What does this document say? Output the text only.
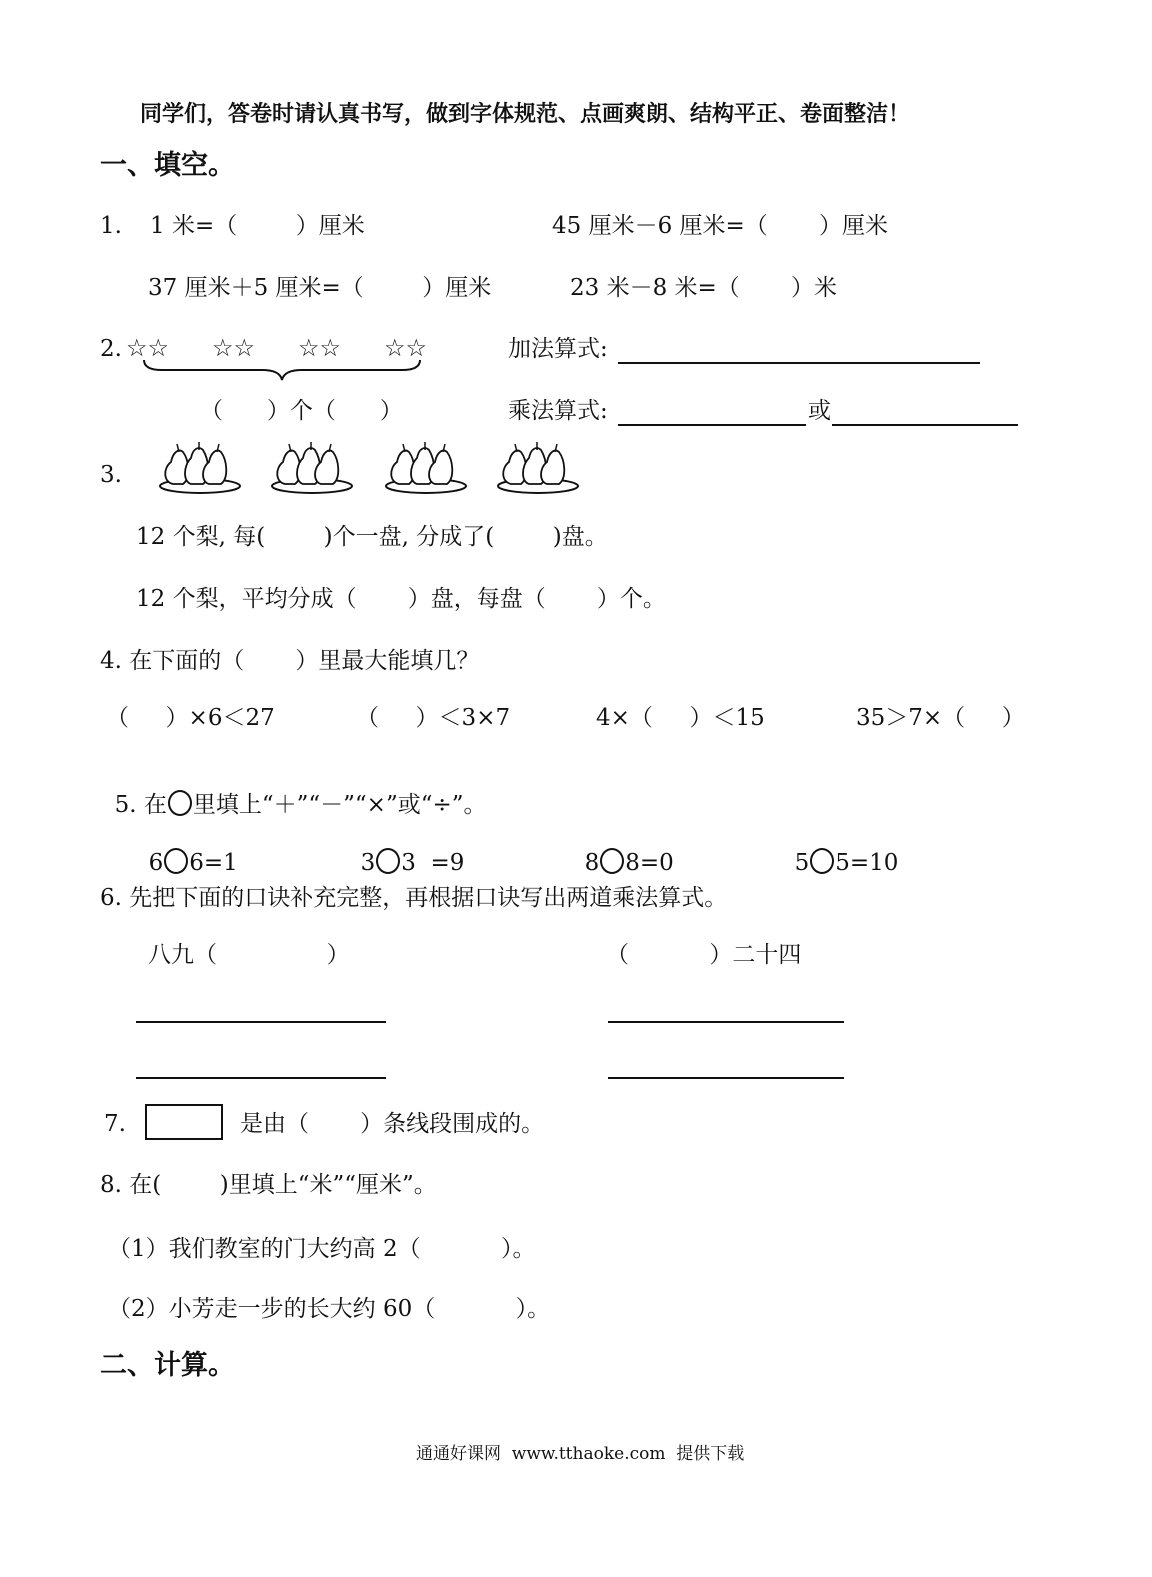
同学们，答卷时请认真书写，做到字体规范、点画爽朗、结构平正、卷面整洁！
一、填空。
1. 1 米=（        ）厘米	45 厘米－6 厘米=（       ）厘米
37 厘米＋5 厘米=（        ）厘米	23 米－8 米=（       ）米
2. ☆☆ ☆☆ ☆☆ ☆☆
（      ）个（      ）
加法算式:
乘法算式:	或
3.
12 个梨, 每(        )个一盘, 分成了(        )盘。
12 个梨，平均分成（       ）盘，每盘（       ）个。
4. 在下面的（       ）里最大能填几？
（     ）×6＜27	（     ）＜3×7	4×（     ）＜15	35＞7×（     ）

5. 在 里填上“＋”“－”“×”或“÷”。

6 6=1	3 3  =9	8 8=0	5 5=10

6. 先把下面的口诀补充完整，再根据口诀写出两道乘法算式。
八九（               ）	（           ）二十四
7.	是由（       ）条线段围成的。
8. 在(        )里填上“米”“厘米”。
（1）我们教室的门大约高 2（           ）。
（2）小芳走一步的长大约 60（           ）。
二、计算。
通通好课网  www.tthaoke.com  提供下载
